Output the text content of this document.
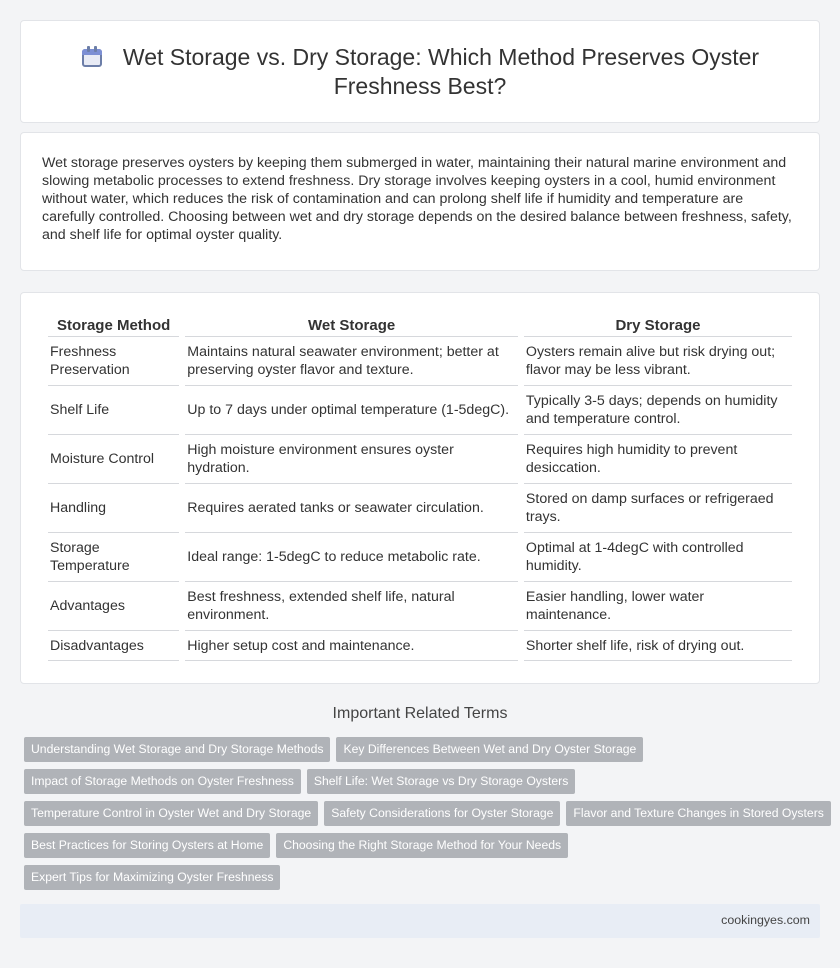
Wet Storage vs. Dry Storage: Which Method Preserves Oyster Freshness Best?

Wet storage preserves oysters by keeping them submerged in water, maintaining their natural marine environment and slowing metabolic processes to extend freshness. Dry storage involves keeping oysters in a cool, humid environment without water, which reduces the risk of contamination and can prolong shelf life if humidity and temperature are carefully controlled. Choosing between wet and dry storage depends on the desired balance between freshness, safety, and shelf life for optimal oyster quality.

Storage Method	Wet Storage	Dry Storage
Freshness Preservation	Maintains natural seawater environment; better at preserving oyster flavor and texture.	Oysters remain alive but risk drying out; flavor may be less vibrant.
Shelf Life	Up to 7 days under optimal temperature (1-5degC).	Typically 3-5 days; depends on humidity and temperature control.
Moisture Control	High moisture environment ensures oyster hydration.	Requires high humidity to prevent desiccation.
Handling	Requires aerated tanks or seawater circulation.	Stored on damp surfaces or refrigeraed trays.
Storage Temperature	Ideal range: 1-5degC to reduce metabolic rate.	Optimal at 1-4degC with controlled humidity.
Advantages	Best freshness, extended shelf life, natural environment.	Easier handling, lower water maintenance.
Disadvantages	Higher setup cost and maintenance.	Shorter shelf life, risk of drying out.
Important Related Terms
Understanding Wet Storage and Dry Storage Methods Key Differences Between Wet and Dry Oyster Storage
Impact of Storage Methods on Oyster Freshness Shelf Life: Wet Storage vs Dry Storage Oysters
Temperature Control in Oyster Wet and Dry Storage Safety Considerations for Oyster Storage Flavor and Texture Changes in Stored Oysters
Best Practices for Storing Oysters at Home Choosing the Right Storage Method for Your Needs
Expert Tips for Maximizing Oyster Freshness
cookingyes.com
